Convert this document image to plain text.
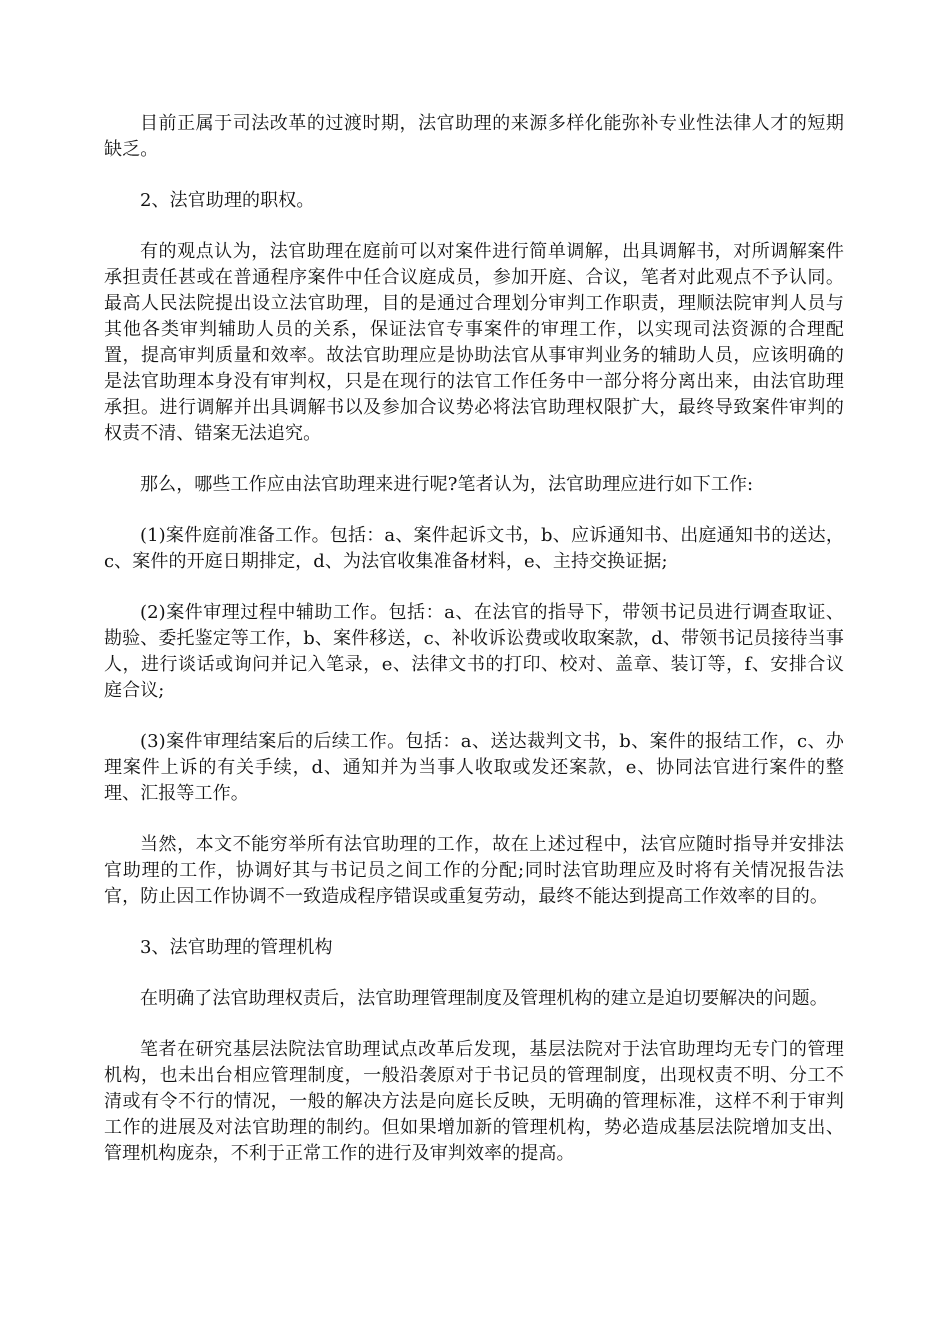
目前正属于司法改革的过渡时期，法官助理的来源多样化能弥补专业性法律人才的短期缺乏。

2、法官助理的职权。

有的观点认为，法官助理在庭前可以对案件进行简单调解，出具调解书，对所调解案件承担责任甚或在普通程序案件中任合议庭成员，参加开庭、合议，笔者对此观点不予认同。最高人民法院提出设立法官助理，目的是通过合理划分审判工作职责，理顺法院审判人员与其他各类审判辅助人员的关系，保证法官专事案件的审理工作，以实现司法资源的合理配置，提高审判质量和效率。故法官助理应是协助法官从事审判业务的辅助人员，应该明确的是法官助理本身没有审判权，只是在现行的法官工作任务中一部分将分离出来，由法官助理承担。进行调解并出具调解书以及参加合议势必将法官助理权限扩大，最终导致案件审判的权责不清、错案无法追究。

那么，哪些工作应由法官助理来进行呢?笔者认为，法官助理应进行如下工作:

(1)案件庭前准备工作。包括：a、案件起诉文书，b、应诉通知书、出庭通知书的送达，c、案件的开庭日期排定，d、为法官收集准备材料，e、主持交换证据;

(2)案件审理过程中辅助工作。包括：a、在法官的指导下，带领书记员进行调查取证、勘验、委托鉴定等工作，b、案件移送，c、补收诉讼费或收取案款，d、带领书记员接待当事人，进行谈话或询问并记入笔录，e、法律文书的打印、校对、盖章、装订等，f、安排合议庭合议;

(3)案件审理结案后的后续工作。包括：a、送达裁判文书，b、案件的报结工作，c、办理案件上诉的有关手续，d、通知并为当事人收取或发还案款，e、协同法官进行案件的整理、汇报等工作。

当然，本文不能穷举所有法官助理的工作，故在上述过程中，法官应随时指导并安排法官助理的工作，协调好其与书记员之间工作的分配;同时法官助理应及时将有关情况报告法官，防止因工作协调不一致造成程序错误或重复劳动，最终不能达到提高工作效率的目的。

3、法官助理的管理机构

在明确了法官助理权责后，法官助理管理制度及管理机构的建立是迫切要解决的问题。

笔者在研究基层法院法官助理试点改革后发现，基层法院对于法官助理均无专门的管理机构，也未出台相应管理制度，一般沿袭原对于书记员的管理制度，出现权责不明、分工不清或有令不行的情况，一般的解决方法是向庭长反映，无明确的管理标准，这样不利于审判工作的进展及对法官助理的制约。但如果增加新的管理机构，势必造成基层法院增加支出、管理机构庞杂，不利于正常工作的进行及审判效率的提高。
